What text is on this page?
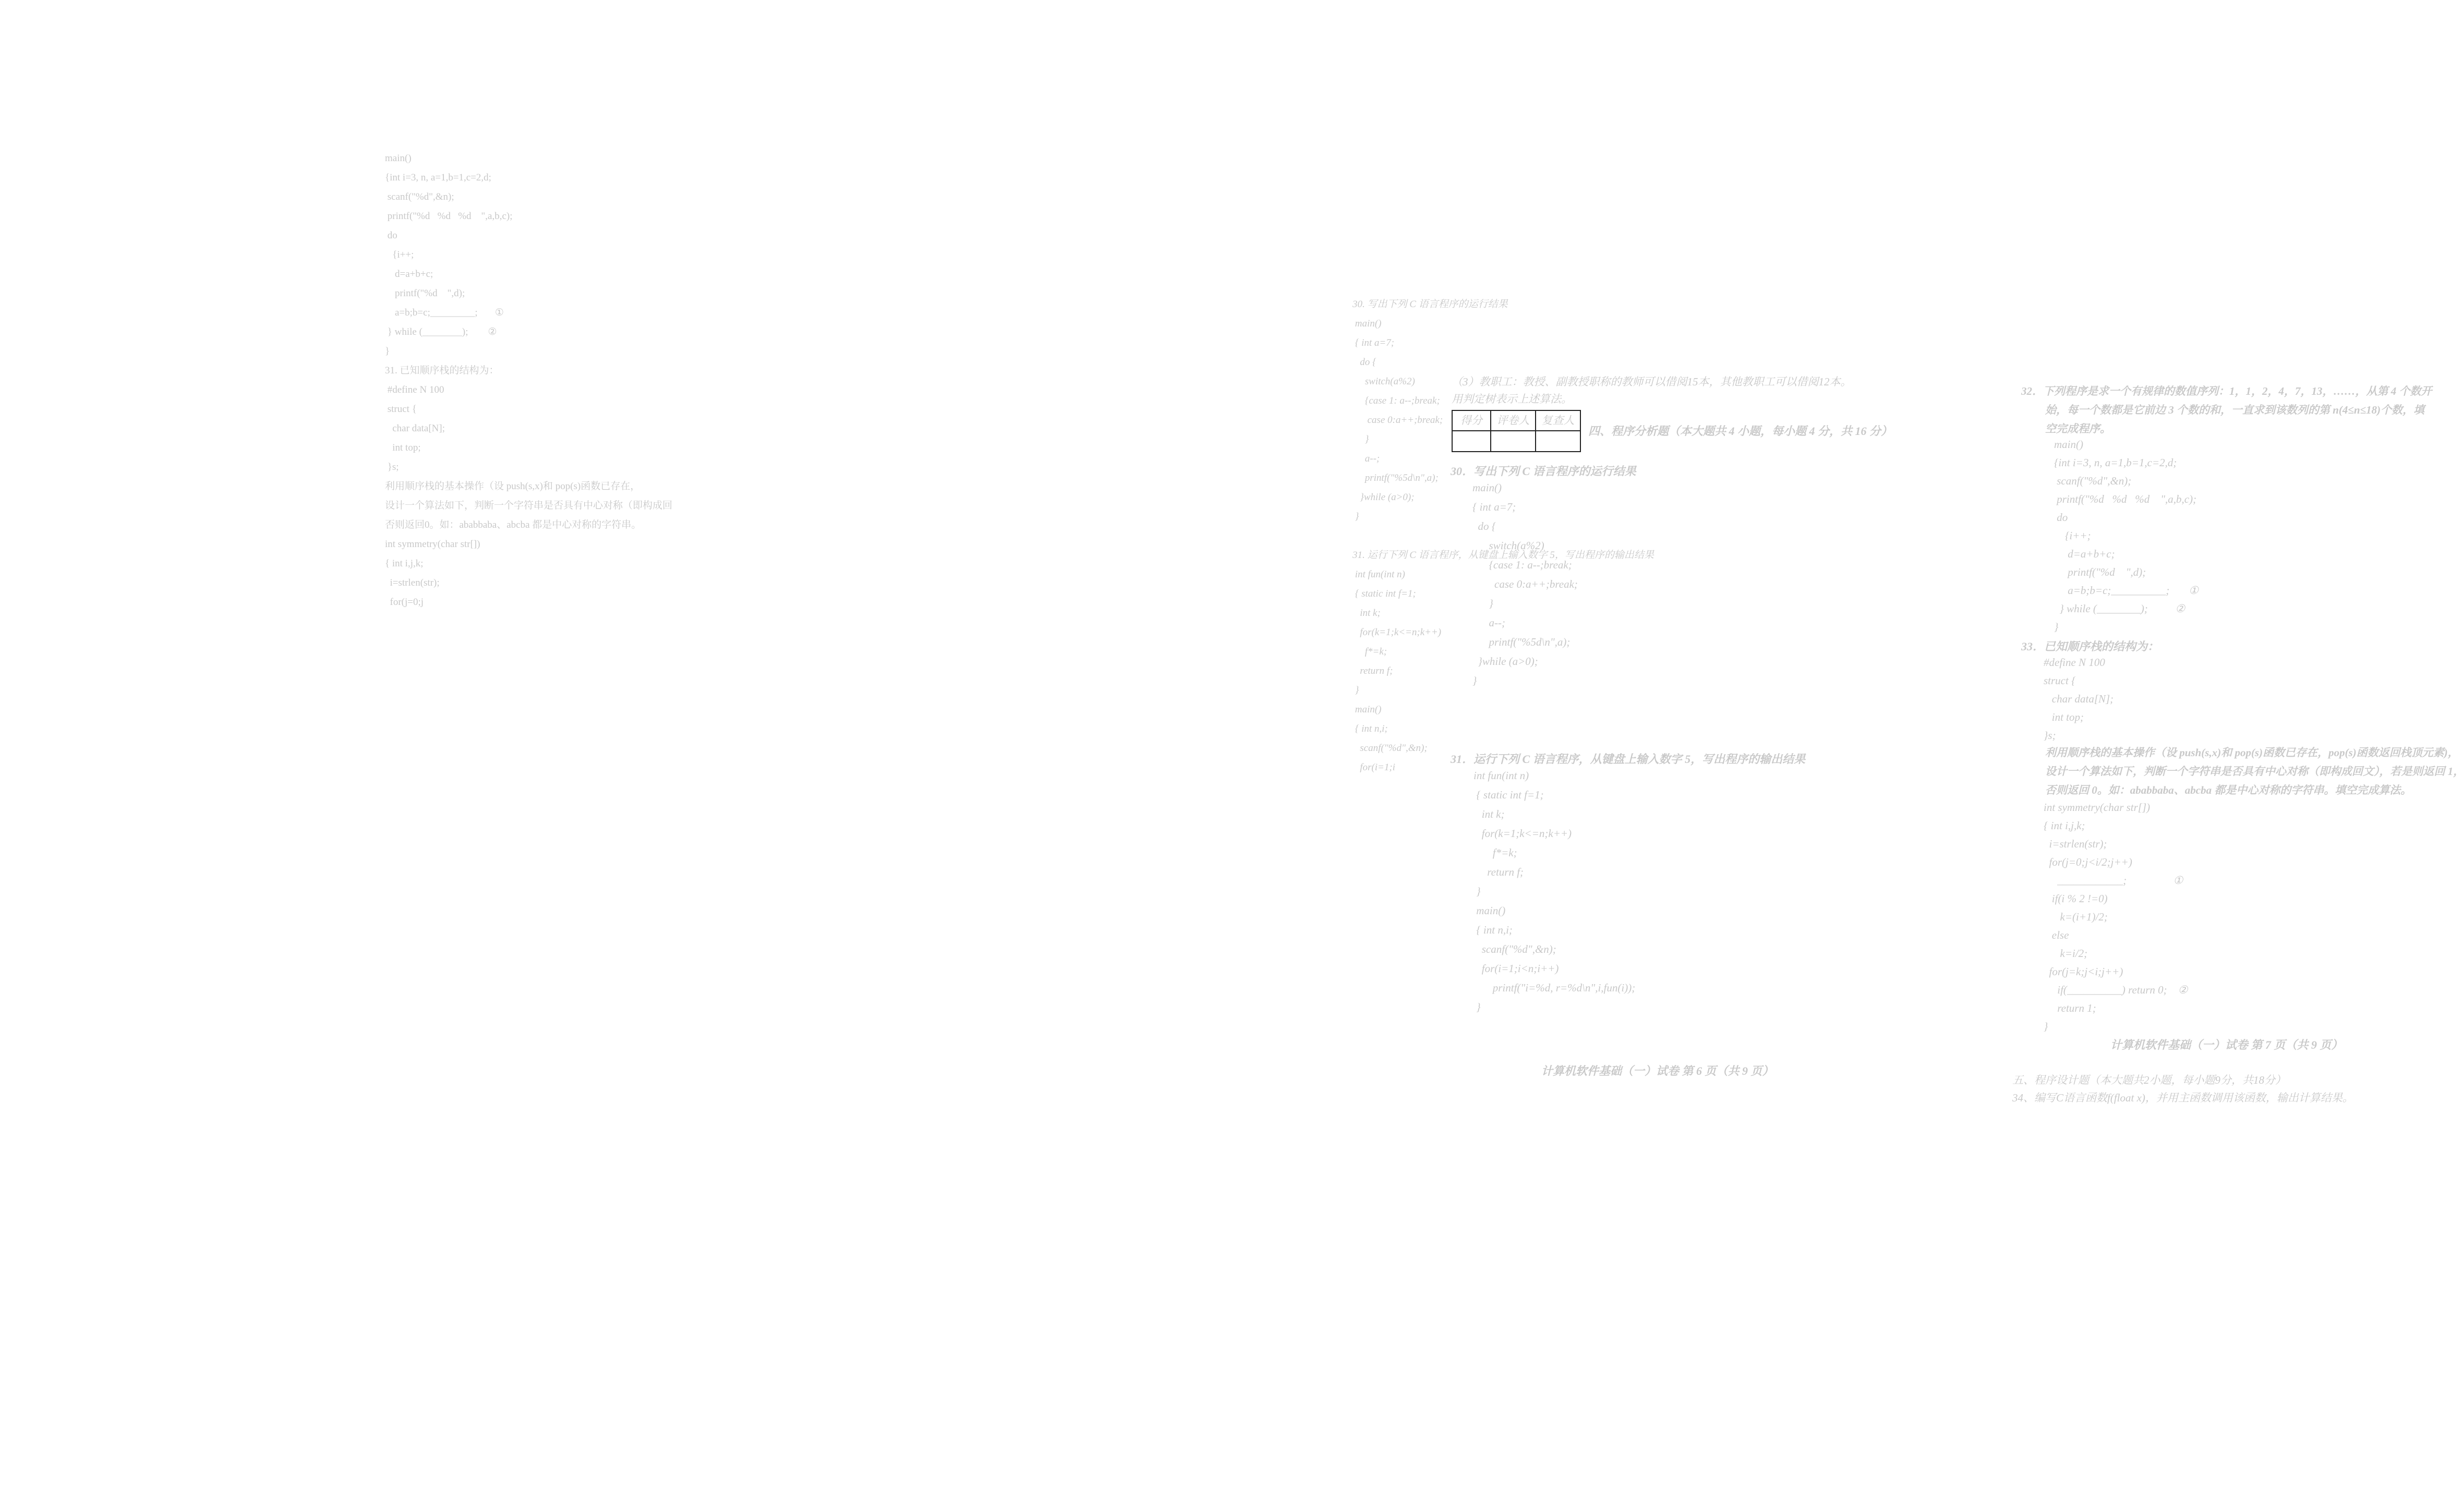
main()
{int i=3, n, a=1,b=1,c=2,d;
scanf("%d",&n);
printf("%d   %d   %d    ",a,b,c);
do
{i++;
d=a+b+c;
printf("%d    ",d);
a=b;b=c;_________;       ①
} while (________);        ②
}
31. 已知顺序栈的结构为：
#define N 100
struct {
char data[N];
int top;
}s;
利用顺序栈的基本操作（设 push(s,x)和 pop(s)函数已存在，
设计一个算法如下，判断一个字符串是否具有中心对称（即构成回
否则返回0。如：ababbaba、abcba 都是中心对称的字符串。
int symmetry(char str[])
{ int i,j,k;
i=strlen(str);
for(j=0;j

30. 写出下列 C 语言程序的运行结果
main()
{ int a=7;
do {
switch(a%2)
{case 1: a--;break;
case 0:a++;break;
}
a--;
printf("%5d\n",a);
}while (a>0);
}

31. 运行下列 C 语言程序，从键盘上输入数字 5，写出程序的输出结果
int fun(int n)
{ static int f=1;
int k;
for(k=1;k<=n;k++)
f*=k;
return f;
}
main()
{ int n,i;
scanf("%d",&n);
for(i=1;i

（3）教职工：教授、副教授职称的教师可以借阅15本，其他教职工可以借阅12本。

用判定树表示上述算法。

得分	评卷人	复查人

四、程序分析题（本大题共 4 小题，每小题 4 分，共 16 分）

30．写出下列 C 语言程序的运行结果

main()
{ int a=7;
do {
switch(a%2)
{case 1: a--;break;
case 0:a++;break;
}
a--;
printf("%5d\n",a);
}while (a>0);
}

31．运行下列 C 语言程序，从键盘上输入数字 5，写出程序的输出结果

int fun(int n)
{ static int f=1;
int k;
for(k=1;k<=n;k++)
f*=k;
return f;
}
main()
{ int n,i;
scanf("%d",&n);
for(i=1;i<n;i++)
printf("i=%d, r=%d\n",i,fun(i));
}

计算机软件基础（一）试卷 第 6 页（共 9 页）

32．下列程序是求一个有规律的数值序列：1，1，2，4，7，13，……，从第 4 个数开
始，每一个数都是它前边 3 个数的和，一直求到该数列的第 n(4≤n≤18)个数，填
空完成程序。

main()
{int i=3, n, a=1,b=1,c=2,d;
scanf("%d",&n);
printf("%d   %d   %d    ",a,b,c);
do
{i++;
d=a+b+c;
printf("%d    ",d);
a=b;b=c;__________;       ①
} while (________);          ②
}

33．已知顺序栈的结构为：

#define N 100
struct {
char data[N];
int top;
}s;

利用顺序栈的基本操作（设 push(s,x)和 pop(s)函数已存在，pop(s)函数返回栈顶元素)，
设计一个算法如下，判断一个字符串是否具有中心对称（即构成回文），若是则返回 1，
否则返回 0。如：ababbaba、abcba 都是中心对称的字符串。填空完成算法。

int symmetry(char str[])
{ int i,j,k;
i=strlen(str);
for(j=0;j<i/2;j++)
____________;                 ①
if(i % 2 !=0)
k=(i+1)/2;
else
k=i/2;
for(j=k;j<i;j++)
if(__________) return 0;    ②
return 1;
}

计算机软件基础（一）试卷 第 7 页（共 9 页）

五、程序设计题（本大题共2小题，每小题9分，共18分）

34、编写C语言函数f(float x)，并用主函数调用该函数，输出计算结果。
